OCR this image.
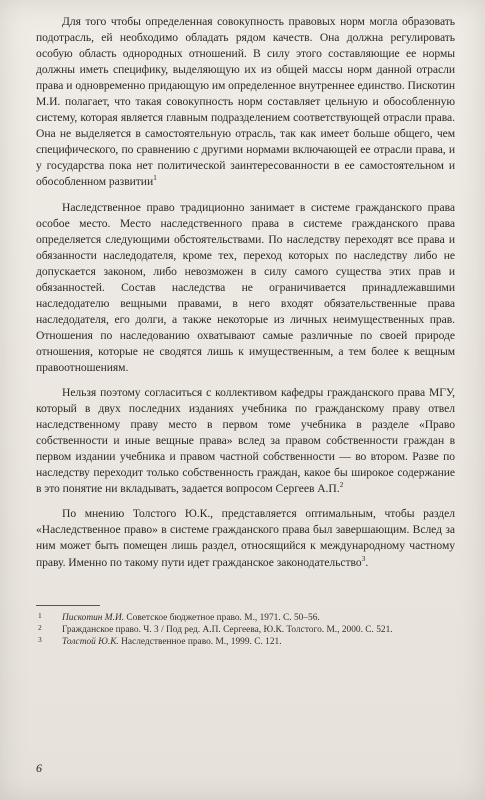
Для того чтобы определенная совокупность правовых норм могла образовать подотрасль, ей необходимо обладать рядом качеств. Она должна регулировать особую область однородных отношений. В силу этого составляющие ее нормы должны иметь специфику, выделяющую их из общей массы норм данной отрасли права и одновременно придающую им определенное внутреннее единство. Пискотин М.И. полагает, что такая совокупность норм составляет цельную и обособленную систему, которая является главным подразделением соответствующей отрасли права. Она не выделяется в самостоятельную отрасль, так как имеет больше общего, чем специфического, по сравнению с другими нормами включающей ее отрасли права, и у государства пока нет политической заинтересованности в ее самостоятельном и обособленном развитии$^1$

Наследственное право традиционно занимает в системе гражданского права особое место. Место наследственного права в системе гражданского права определяется следующими обстоятельствами. По наследству переходят все права и обязанности наследодателя, кроме тех, переход которых по наследству либо не допускается законом, либо невозможен в силу самого существа этих прав и обязанностей. Состав наследства не ограничивается принадлежавшими наследодателю вещными правами, в него входят обязательственные права наследодателя, его долги, а также некоторые из личных неимущественных прав. Отношения по наследованию охватывают самые различные по своей природе отношения, которые не сводятся лишь к имущественным, а тем более к вещным правоотношениям.

Нельзя поэтому согласиться с коллективом кафедры гражданского права МГУ, который в двух последних изданиях учебника по гражданскому праву отвел наследственному праву место в первом томе учебника в разделе «Право собственности и иные вещные права» вслед за правом собственности граждан в первом издании учебника и правом частной собственности — во втором. Разве по наследству переходит только собственность граждан, какое бы широкое содержание в это понятие ни вкладывать, задается вопросом Сергеев А.П.$^2$

По мнению Толстого Ю.К., представляется оптимальным, чтобы раздел «Наследственное право» в системе гражданского права был завершающим. Вслед за ним может быть помещен лишь раздел, относящийся к международному частному праву. Именно по такому пути идет гражданское законодательство$^3$.

1	Пискотин М.И. Советское бюджетное право. М., 1971. С. 50–56.
2	Гражданское право. Ч. 3 / Под ред. А.П. Сергеева, Ю.К. Толстого. М., 2000. С. 521.
3	Толстой Ю.К. Наследственное право. М., 1999. С. 121.
6
